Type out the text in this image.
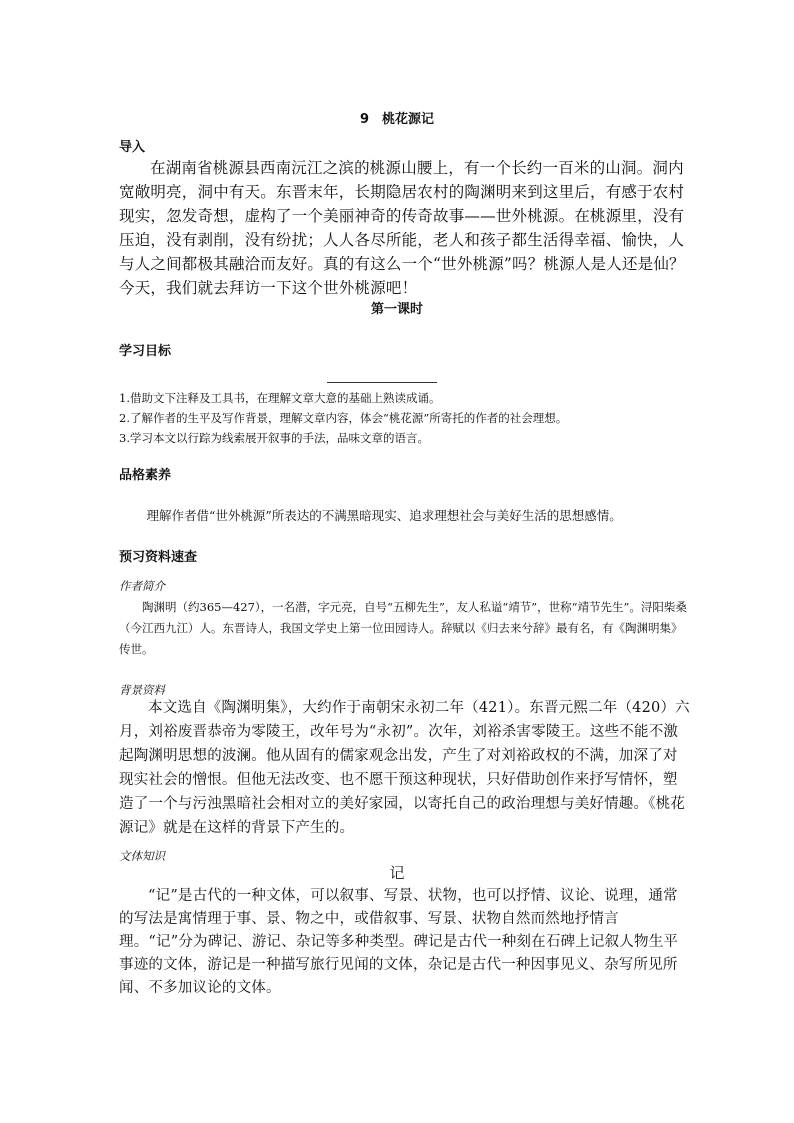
9　桃花源记
导入
在湖南省桃源县西南沅江之滨的桃源山腰上，有一个长约一百米的山洞。洞内宽敞明亮，洞中有天。东晋末年，长期隐居农村的陶渊明来到这里后，有感于农村现实，忽发奇想，虚构了一个美丽神奇的传奇故事——世外桃源。在桃源里，没有压迫，没有剥削，没有纷扰；人人各尽所能，老人和孩子都生活得幸福、愉快，人与人之间都极其融洽而友好。真的有这么一个“世外桃源”吗？桃源人是人还是仙？今天，我们就去拜访一下这个世外桃源吧！
第一课时
学习目标
1.借助文下注释及工具书，在理解文章大意的基础上熟读成诵。
2.了解作者的生平及写作背景，理解文章内容，体会“桃花源”所寄托的作者的社会理想。
3.学习本文以行踪为线索展开叙事的手法，品味文章的语言。
品格素养
理解作者借“世外桃源”所表达的不满黑暗现实、追求理想社会与美好生活的思想感情。
预习资料速查
作者简介
陶渊明（约365—427），一名潜，字元亮，自号“五柳先生”，友人私谥“靖节”，世称“靖节先生”。浔阳柴桑（今江西九江）人。东晋诗人，我国文学史上第一位田园诗人。辞赋以《归去来兮辞》最有名，有《陶渊明集》传世。
背景资料
本文选自《陶渊明集》，大约作于南朝宋永初二年（421）。东晋元熙二年（420）六月，刘裕废晋恭帝为零陵王，改年号为“永初”。次年，刘裕杀害零陵王。这些不能不激起陶渊明思想的波澜。他从固有的儒家观念出发，产生了对刘裕政权的不满，加深了对现实社会的憎恨。但他无法改变、也不愿干预这种现状，只好借助创作来抒写情怀，塑造了一个与污浊黑暗社会相对立的美好家园，以寄托自己的政治理想与美好情趣。《桃花源记》就是在这样的背景下产生的。
文体知识
记
“记”是古代的一种文体，可以叙事、写景、状物，也可以抒情、议论、说理，通常的写法是寓情理于事、景、物之中，或借叙事、写景、状物自然而然地抒情言理。“记”分为碑记、游记、杂记等多种类型。碑记是古代一种刻在石碑上记叙人物生平事迹的文体，游记是一种描写旅行见闻的文体，杂记是古代一种因事见义、杂写所见所闻、不多加议论的文体。
